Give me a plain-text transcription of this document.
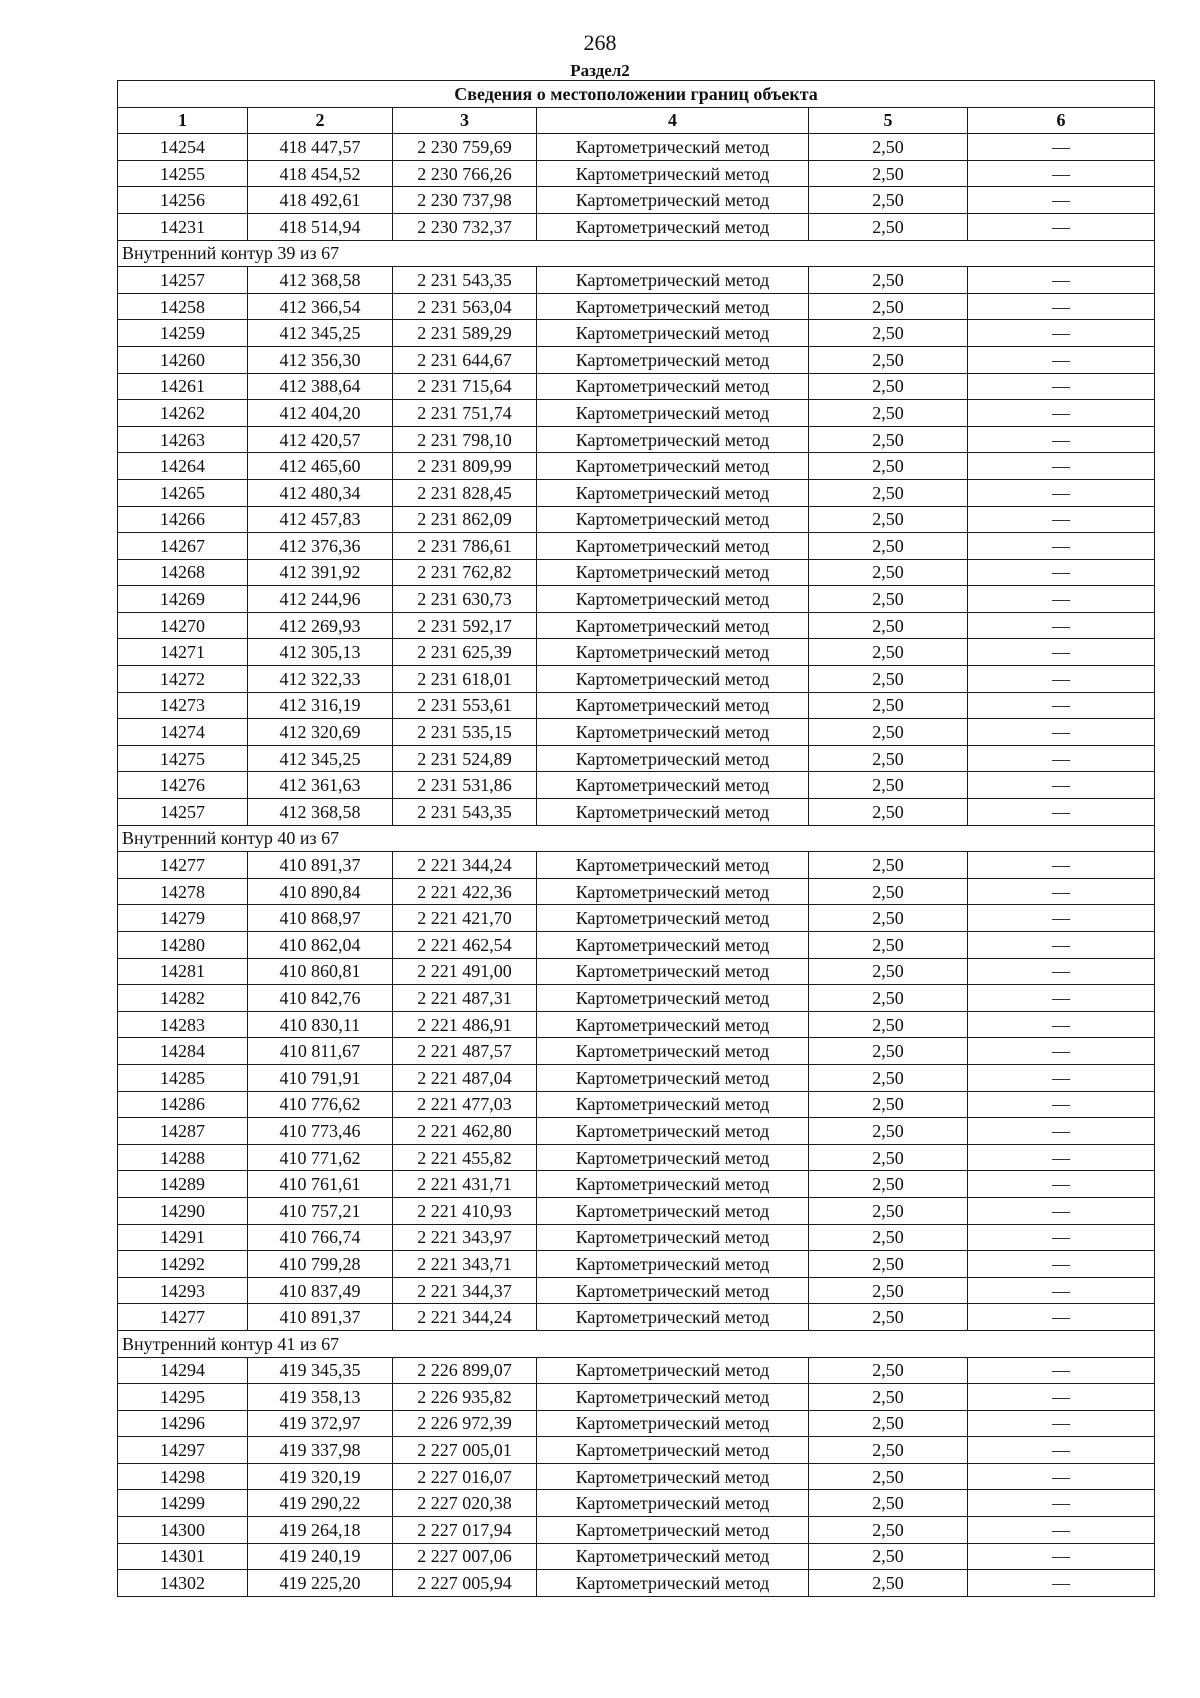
268
Раздел2
Сведения о местоположении границ объекта					
1	2	3	4	5	6
14254	418 447,57	2 230 759,69	Картометрический метод	2,50	—
14255	418 454,52	2 230 766,26	Картометрический метод	2,50	—
14256	418 492,61	2 230 737,98	Картометрический метод	2,50	—
14231	418 514,94	2 230 732,37	Картометрический метод	2,50	—
Внутренний контур 39 из 67					
14257	412 368,58	2 231 543,35	Картометрический метод	2,50	—
14258	412 366,54	2 231 563,04	Картометрический метод	2,50	—
14259	412 345,25	2 231 589,29	Картометрический метод	2,50	—
14260	412 356,30	2 231 644,67	Картометрический метод	2,50	—
14261	412 388,64	2 231 715,64	Картометрический метод	2,50	—
14262	412 404,20	2 231 751,74	Картометрический метод	2,50	—
14263	412 420,57	2 231 798,10	Картометрический метод	2,50	—
14264	412 465,60	2 231 809,99	Картометрический метод	2,50	—
14265	412 480,34	2 231 828,45	Картометрический метод	2,50	—
14266	412 457,83	2 231 862,09	Картометрический метод	2,50	—
14267	412 376,36	2 231 786,61	Картометрический метод	2,50	—
14268	412 391,92	2 231 762,82	Картометрический метод	2,50	—
14269	412 244,96	2 231 630,73	Картометрический метод	2,50	—
14270	412 269,93	2 231 592,17	Картометрический метод	2,50	—
14271	412 305,13	2 231 625,39	Картометрический метод	2,50	—
14272	412 322,33	2 231 618,01	Картометрический метод	2,50	—
14273	412 316,19	2 231 553,61	Картометрический метод	2,50	—
14274	412 320,69	2 231 535,15	Картометрический метод	2,50	—
14275	412 345,25	2 231 524,89	Картометрический метод	2,50	—
14276	412 361,63	2 231 531,86	Картометрический метод	2,50	—
14257	412 368,58	2 231 543,35	Картометрический метод	2,50	—
Внутренний контур 40 из 67					
14277	410 891,37	2 221 344,24	Картометрический метод	2,50	—
14278	410 890,84	2 221 422,36	Картометрический метод	2,50	—
14279	410 868,97	2 221 421,70	Картометрический метод	2,50	—
14280	410 862,04	2 221 462,54	Картометрический метод	2,50	—
14281	410 860,81	2 221 491,00	Картометрический метод	2,50	—
14282	410 842,76	2 221 487,31	Картометрический метод	2,50	—
14283	410 830,11	2 221 486,91	Картометрический метод	2,50	—
14284	410 811,67	2 221 487,57	Картометрический метод	2,50	—
14285	410 791,91	2 221 487,04	Картометрический метод	2,50	—
14286	410 776,62	2 221 477,03	Картометрический метод	2,50	—
14287	410 773,46	2 221 462,80	Картометрический метод	2,50	—
14288	410 771,62	2 221 455,82	Картометрический метод	2,50	—
14289	410 761,61	2 221 431,71	Картометрический метод	2,50	—
14290	410 757,21	2 221 410,93	Картометрический метод	2,50	—
14291	410 766,74	2 221 343,97	Картометрический метод	2,50	—
14292	410 799,28	2 221 343,71	Картометрический метод	2,50	—
14293	410 837,49	2 221 344,37	Картометрический метод	2,50	—
14277	410 891,37	2 221 344,24	Картометрический метод	2,50	—
Внутренний контур 41 из 67					
14294	419 345,35	2 226 899,07	Картометрический метод	2,50	—
14295	419 358,13	2 226 935,82	Картометрический метод	2,50	—
14296	419 372,97	2 226 972,39	Картометрический метод	2,50	—
14297	419 337,98	2 227 005,01	Картометрический метод	2,50	—
14298	419 320,19	2 227 016,07	Картометрический метод	2,50	—
14299	419 290,22	2 227 020,38	Картометрический метод	2,50	—
14300	419 264,18	2 227 017,94	Картометрический метод	2,50	—
14301	419 240,19	2 227 007,06	Картометрический метод	2,50	—
14302	419 225,20	2 227 005,94	Картометрический метод	2,50	—
